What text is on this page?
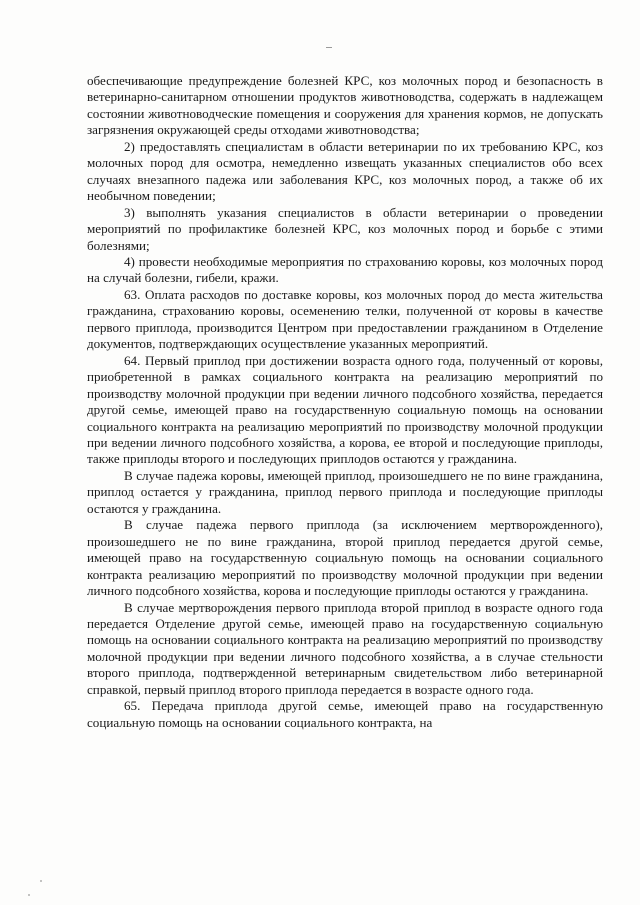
обеспечивающие предупреждение болезней КРС, коз молочных пород и безопасность в ветеринарно-санитарном отношении продуктов животноводства, содержать в надлежащем состоянии животноводческие помещения и сооружения для хранения кормов, не допускать загрязнения окружающей среды отходами животноводства;

2) предоставлять специалистам в области ветеринарии по их требованию КРС, коз молочных пород для осмотра, немедленно извещать указанных специалистов обо всех случаях внезапного падежа или заболевания КРС, коз молочных пород, а также об их необычном поведении;

3) выполнять указания специалистов в области ветеринарии о проведении мероприятий по профилактике болезней КРС, коз молочных пород и борьбе с этими болезнями;

4) провести необходимые мероприятия по страхованию коровы, коз молочных пород на случай болезни, гибели, кражи.

63. Оплата расходов по доставке коровы, коз молочных пород до места жительства гражданина, страхованию коровы, осеменению телки, полученной от коровы в качестве первого приплода, производится Центром при предоставлении гражданином в Отделение документов, подтверждающих осуществление указанных мероприятий.

64. Первый приплод при достижении возраста одного года, полученный от коровы, приобретенной в рамках социального контракта на реализацию мероприятий по производству молочной продукции при ведении личного подсобного хозяйства, передается другой семье, имеющей право на государственную социальную помощь на основании социального контракта на реализацию мероприятий по производству молочной продукции при ведении личного подсобного хозяйства, а корова, ее второй и последующие приплоды, также приплоды второго и последующих приплодов остаются у гражданина.

В случае падежа коровы, имеющей приплод, произошедшего не по вине гражданина, приплод остается у гражданина, приплод первого приплода и последующие приплоды остаются у гражданина.

В случае падежа первого приплода (за исключением мертворожденного), произошедшего не по вине гражданина, второй приплод передается другой семье, имеющей право на государственную социальную помощь на основании социального контракта реализацию мероприятий по производству молочной продукции при ведении личного подсобного хозяйства, корова и последующие приплоды остаются у гражданина.

В случае мертворождения первого приплода второй приплод в возрасте одного года передается Отделение другой семье, имеющей право на государственную социальную помощь на основании социального контракта на реализацию мероприятий по производству молочной продукции при ведении личного подсобного хозяйства, а в случае стельности второго приплода, подтвержденной ветеринарным свидетельством либо ветеринарной справкой, первый приплод второго приплода передается в возрасте одного года.

65. Передача приплода другой семье, имеющей право на государственную социальную помощь на основании социального контракта, на
